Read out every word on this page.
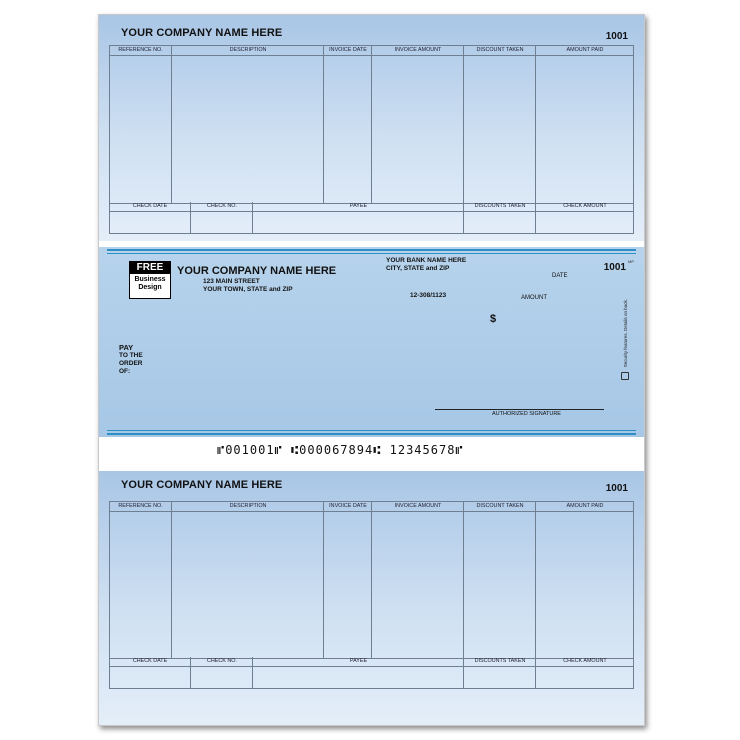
YOUR COMPANY NAME HERE	1001
REFERENCE NO.	DESCRIPTION	INVOICE DATE	INVOICE AMOUNT	DISCOUNT TAKEN	AMOUNT PAID
CHECK DATE	CHECK NO.	PAYEE	DISCOUNTS TAKEN	CHECK AMOUNT
FREE
Business
Design
YOUR COMPANY NAME HERE
123 MAIN STREET
YOUR TOWN, STATE and ZIP
YOUR BANK NAME HERE
CITY, STATE and ZIP
12-308/1123
1001
MP
DATE
AMOUNT
$
PAY
TO THE
ORDER
OF:
AUTHORIZED SIGNATURE
Security features. Details on back.
⑈001001⑈ ⑆000067894⑆ 12345678⑈
YOUR COMPANY NAME HERE	1001
REFERENCE NO.	DESCRIPTION	INVOICE DATE	INVOICE AMOUNT	DISCOUNT TAKEN	AMOUNT PAID
CHECK DATE	CHECK NO.	PAYEE	DISCOUNTS TAKEN	CHECK AMOUNT
